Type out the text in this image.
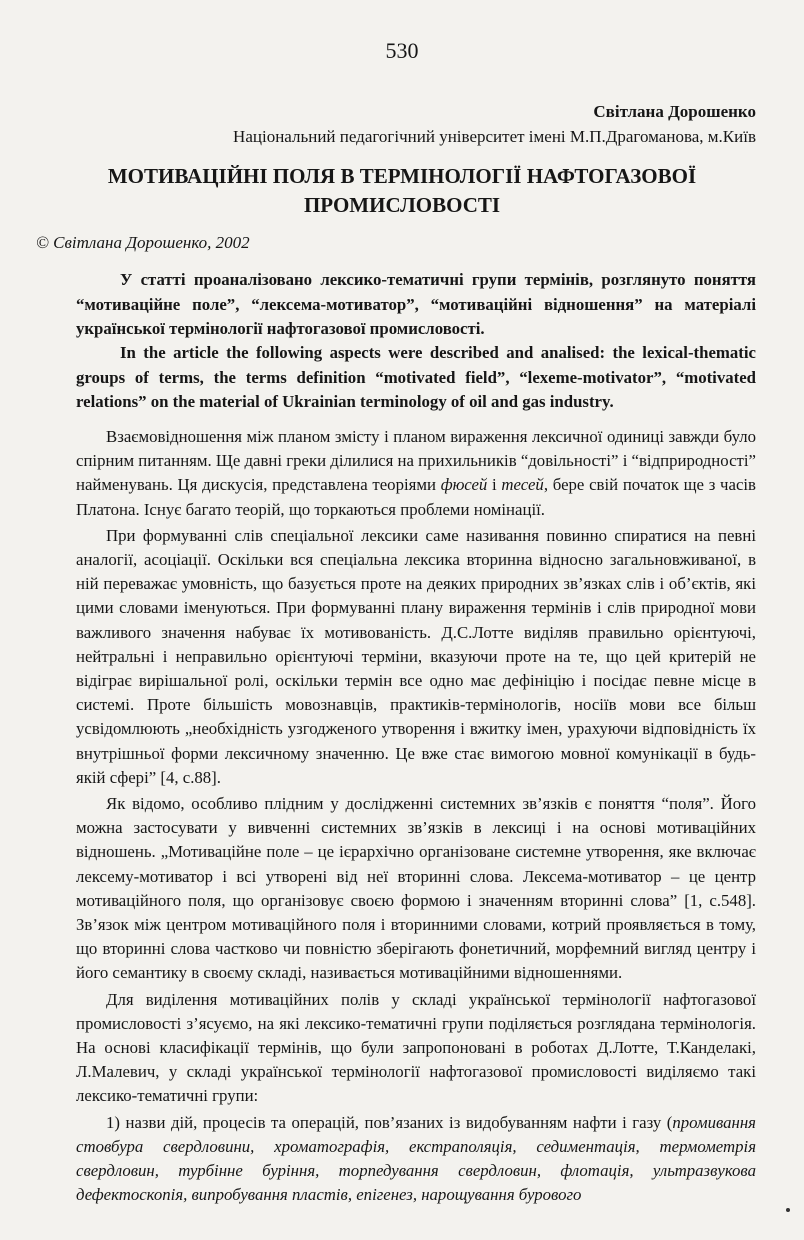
530
Світлана Дорошенко
Національний педагогічний університет імені М.П.Драгоманова, м.Київ
МОТИВАЦІЙНІ ПОЛЯ В ТЕРМІНОЛОГІЇ НАФТОГАЗОВОЇ ПРОМИСЛОВОСТІ
© Світлана Дорошенко, 2002

У статті проаналізовано лексико-тематичні групи термінів, розглянуто поняття “мотиваційне поле”, “лексема-мотиватор”, “мотиваційні відношення” на матеріалі української термінології нафтогазової промисловості.

In the article the following aspects were described and analised: the lexical-thematic groups of terms, the terms definition “motivated field”, “lexeme-motivator”, “motivated relations” on the material of Ukrainian terminology of oil and gas industry.

Взаємовідношення між планом змісту і планом вираження лексичної одиниці завжди було спірним питанням. Ще давні греки ділилися на прихильників “довільності” і “відприродності” найменувань. Ця дискусія, представлена теоріями фюсей і тесей, бере свій початок ще з часів Платона. Існує багато теорій, що торкаються проблеми номінації.

При формуванні слів спеціальної лексики саме називання повинно спиратися на певні аналогії, асоціації. Оскільки вся спеціальна лексика вторинна відносно загальновживаної, в ній переважає умовність, що базується проте на деяких природних зв’язках слів і об’єктів, які цими словами іменуються. При формуванні плану вираження термінів і слів природної мови важливого значення набуває їх мотивованість. Д.С.Лотте виділяв правильно орієнтуючі, нейтральні і неправильно орієнтуючі терміни, вказуючи проте на те, що цей критерій не відіграє вирішальної ролі, оскільки термін все одно має дефініцію і посідає певне місце в системі. Проте більшість мовознавців, практиків-термінологів, носіїв мови все більш усвідомлюють „необхідність узгодженого утворення і вжитку імен, урахуючи відповідність їх внутрішньої форми лексичному значенню. Це вже стає вимогою мовної комунікації в будь-якій сфері” [4, с.88].

Як відомо, особливо плідним у дослідженні системних зв’язків є поняття “поля”. Його можна застосувати у вивченні системних зв’язків в лексиці і на основі мотиваційних відношень. „Мотиваційне поле – це ієрархічно організоване системне утворення, яке включає лексему-мотиватор і всі утворені від неї вторинні слова. Лексема-мотиватор – це центр мотиваційного поля, що організовує своєю формою і значенням вторинні слова” [1, с.548]. Зв’язок між центром мотиваційного поля і вторинними словами, котрий проявляється в тому, що вторинні слова частково чи повністю зберігають фонетичний, морфемний вигляд центру і його семантику в своєму складі, називається мотиваційними відношеннями.

Для виділення мотиваційних полів у складі української термінології нафтогазової промисловості з’ясуємо, на які лексико-тематичні групи поділяється розглядана термінологія. На основі класифікації термінів, що були запропоновані в роботах Д.Лотте, Т.Канделакі, Л.Малевич, у складі української термінології нафтогазової промисловості виділяємо такі лексико-тематичні групи:

1) назви дій, процесів та операцій, пов’язаних із видобуванням нафти і газу (промивання стовбура свердловини, хроматографія, екстраполяція, седиментація, термометрія свердловин, турбінне буріння, торпедування свердловин, флотація, ультразвукова дефектоскопія, випробування пластів, епігенез, нарощування бурового
